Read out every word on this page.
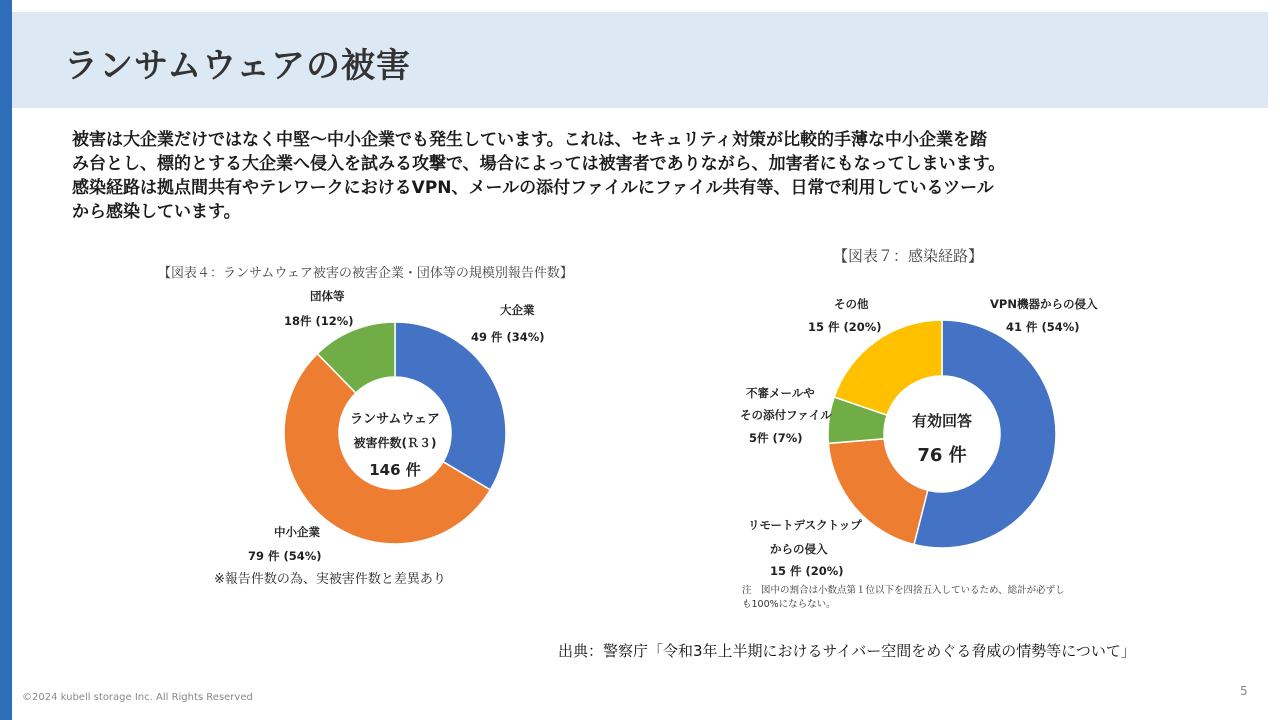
ランサムウェアの被害

被害は大企業だけではなく中堅～中小企業でも発生しています。これは、セキュリティ対策が比較的手薄な中小企業を踏

み台とし、標的とする大企業へ侵入を試みる攻撃で、場合によっては被害者でありながら、加害者にもなってしまいます。

感染経路は拠点間共有やテレワークにおけるVPN、メールの添付ファイルにファイル共有等、日常で利用しているツール

から感染しています。

【図表４：ランサムウェア被害の被害企業・団体等の規模別報告件数】
ランサムウェア
被害件数(Ｒ３)
146 件
大企業
49 件 (34%)
団体等
18件 (12%)
中小企業
79 件 (54%)
※報告件数の為、実被害件数と差異あり
【図表７：感染経路】
有効回答
76 件
VPN機器からの侵入
41 件 (54%)
その他
15 件 (20%)
不審メールや
その添付ファイル
5件 (7%)
リモートデスクトップ
からの侵入
15 件 (20%)
注　図中の割合は小数点第１位以下を四捨五入しているため、総計が必ずし
も100%にならない。
出典：警察庁「令和3年上半期におけるサイバー空間をめぐる脅威の情勢等について」
©2024 kubell storage Inc. All Rights Reserved	5
